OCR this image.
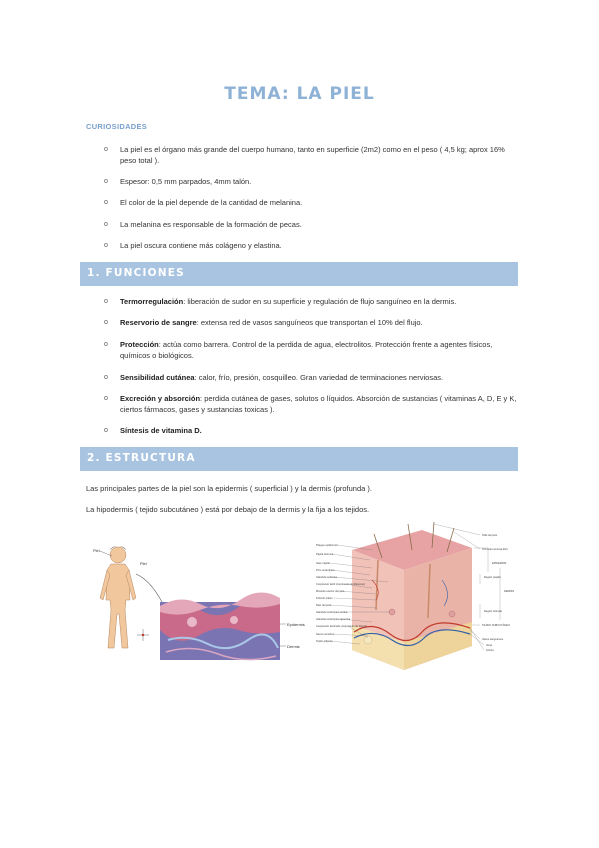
TEMA: LA PIEL
CURIOSIDADES
o La piel es el órgano más grande del cuerpo humano, tanto en superficie (2m2) como en el peso ( 4,5 kg; aprox 16% peso total ).
o Espesor: 0,5 mm parpados, 4mm talón.
o El color de la piel depende de la cantidad de melanina.
o La melanina es responsable de la formación de pecas.
o La piel oscura contiene más colágeno y elastina.
1. FUNCIONES
o Termorregulación: liberación de sudor en su superficie y regulación de flujo sanguíneo en la dermis.
o Reservorio de sangre: extensa red de vasos sanguíneos que transportan el 10% del flujo.
o Protección: actúa como barrera. Control de la perdida de agua, electrolitos. Protección frente a agentes físicos, químicos o biológicos.
o Sensibilidad cutánea: calor, frío, presión, cosquilleo. Gran variedad de terminaciones nerviosas.
o Excreción y absorción: perdida cutánea de gases, solutos o líquidos. Absorción de sustancias ( vitaminas A, D, E y K, ciertos fármacos, gases y sustancias toxicas ).
o Síntesis de vitamina D.
2. ESTRUCTURA
Las principales partes de la piel son la epidermis ( superficial ) y la dermis (profunda ).
La hipodermis ( tejido subcutáneo ) está por debajo de la dermis y la fija a los tejidos.
Piel
Piel
Epidermis
Dermis
Pliegue epidérmico
Papila dérmica
Vaso capilar
Poro sudoríparo
Glándula sebácea
Corpúsculo táctil (corpúsculo de Meissner)
Músculo erector del pelo
Folículo piloso
Raíz del pelo
Glándula sudorípara ecrina
Glándula sudorípara apocrina
Corpúsculo laminado (corpúsculo de Pacini)
Nervio sensitivo
Tejido adiposo
Tallo del pelo
Terminal nerviosa libre
EPIDERMIS
Región papilar
DERMIS
Región reticular
TEJIDO SUBCUTÁNEO
Vasos sanguíneos
Vena
Arteria
